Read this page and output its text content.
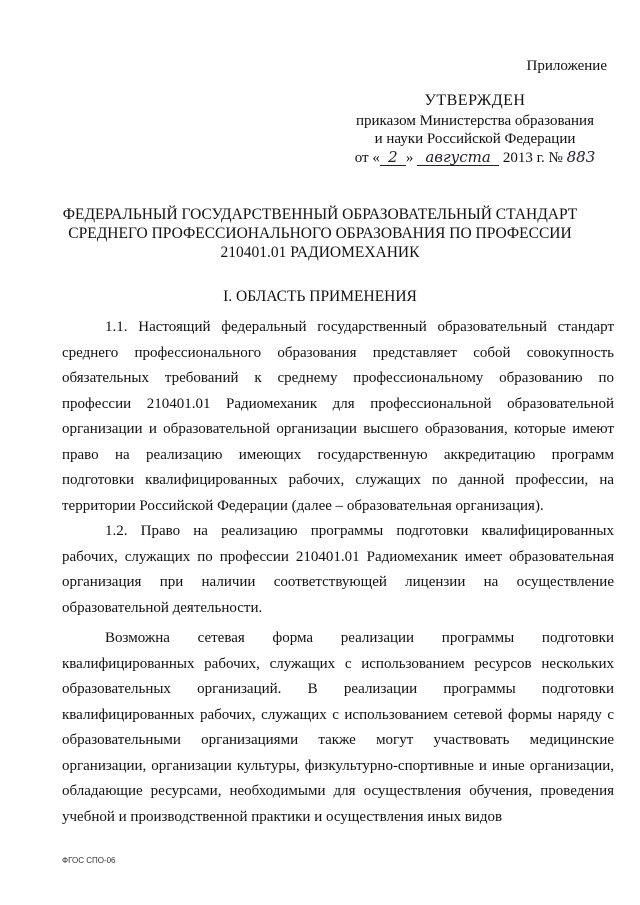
Приложение
УТВЕРЖДЕН
приказом Министерства образования
и науки Российской Федерации
от « 2 » августа 2013 г. № 883
ФЕДЕРАЛЬНЫЙ ГОСУДАРСТВЕННЫЙ ОБРАЗОВАТЕЛЬНЫЙ СТАНДАРТ
СРЕДНЕГО ПРОФЕССИОНАЛЬНОГО ОБРАЗОВАНИЯ ПО ПРОФЕССИИ
210401.01 РАДИОМЕХАНИК
I. ОБЛАСТЬ ПРИМЕНЕНИЯ

1.1. Настоящий федеральный государственный образовательный стандарт среднего профессионального образования представляет собой совокупность обязательных требований к среднему профессиональному образованию по профессии 210401.01 Радиомеханик для профессиональной образовательной организации и образовательной организации высшего образования, которые имеют право на реализацию имеющих государственную аккредитацию программ подготовки квалифицированных рабочих, служащих по данной профессии, на территории Российской Федерации (далее – образовательная организация).

1.2. Право на реализацию программы подготовки квалифицированных рабочих, служащих по профессии 210401.01 Радиомеханик имеет образовательная организация при наличии соответствующей лицензии на осуществление образовательной деятельности.

Возможна сетевая форма реализации программы подготовки квалифицированных рабочих, служащих с использованием ресурсов нескольких образовательных организаций. В реализации программы подготовки квалифицированных рабочих, служащих с использованием сетевой формы наряду с образовательными организациями также могут участвовать медицинские организации, организации культуры, физкультурно-спортивные и иные организации, обладающие ресурсами, необходимыми для осуществления обучения, проведения учебной и производственной практики и осуществления иных видов

ФГОС СПО-06
